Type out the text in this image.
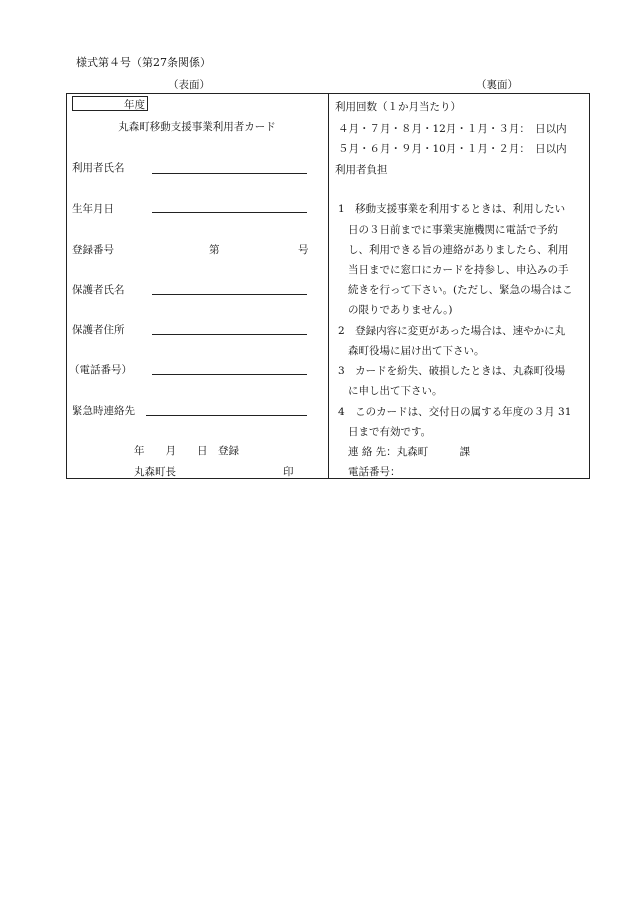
様式第４号（第27条関係）
（表面）	（裏面）
年度
丸森町移動支援事業利用者カード
利用者氏名
生年月日
登録番号	第	号
保護者氏名
保護者住所
（電話番号）
緊急時連絡先
年　　月　　日　登録
丸森町長	印
利用回数（１か月当たり）
４月・７月・８月・12月・１月・３月：　日以内
５月・６月・９月・10月・１月・２月：　日以内
利用者負担
1　移動支援事業を利用するときは、利用したい
日の３日前までに事業実施機関に電話で予約
し、利用できる旨の連絡がありましたら、利用
当日までに窓口にカードを持参し、申込みの手
続きを行って下さい。(ただし、緊急の場合はこ
の限りでありません。)
2　登録内容に変更があった場合は、速やかに丸
森町役場に届け出て下さい。
3　カードを紛失、破損したときは、丸森町役場
に申し出て下さい。
4　このカードは、交付日の属する年度の３月 31
日まで有効です。
連 絡 先：丸森町　　　課
電話番号：
